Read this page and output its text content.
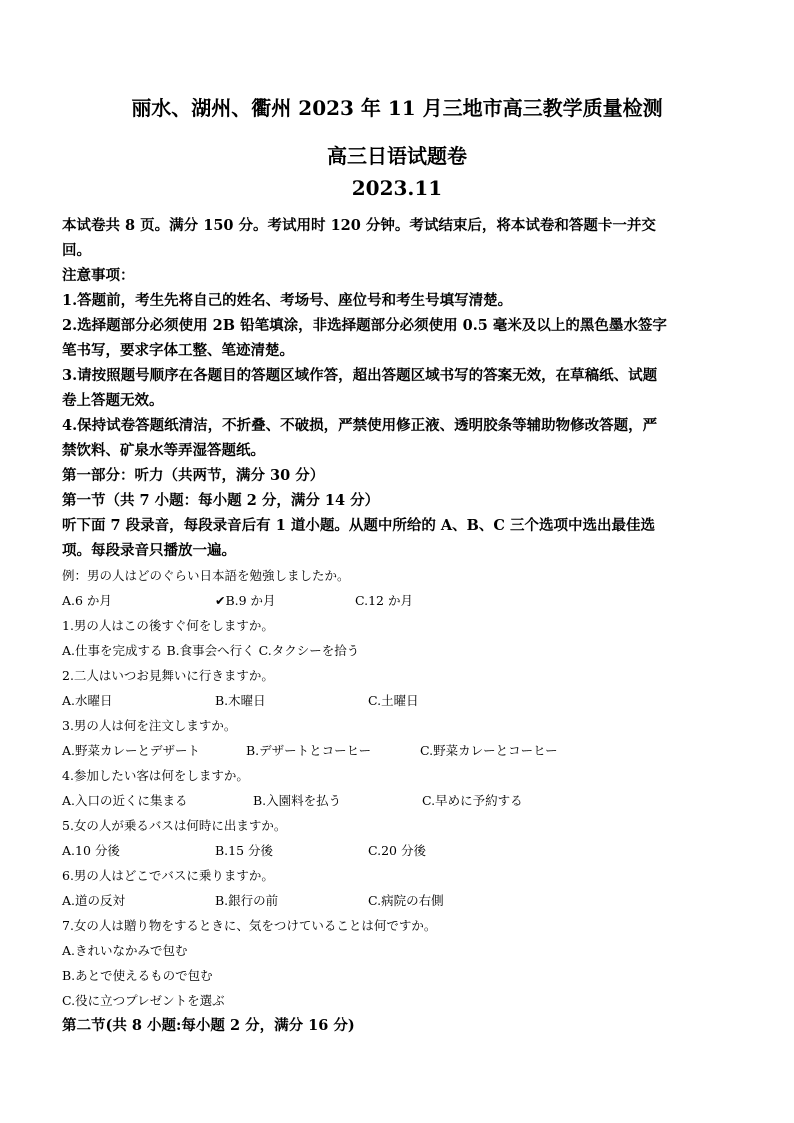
丽水、湖州、衢州 2023 年 11 月三地市高三教学质量检测
高三日语试题卷
2023.11
本试卷共 8 页。满分 150 分。考试用时 120 分钟。考试结束后，将本试卷和答题卡一并交
回。
注意事项：
1.答题前，考生先将自己的姓名、考场号、座位号和考生号填写清楚。
2.选择题部分必须使用 2B 铅笔填涂，非选择题部分必须使用 0.5 毫米及以上的黑色墨水签字
笔书写，要求字体工整、笔迹清楚。
3.请按照题号顺序在各题目的答题区域作答，超出答题区域书写的答案无效，在草稿纸、试题
卷上答题无效。
4.保持试卷答题纸清洁，不折叠、不破损，严禁使用修正液、透明胶条等辅助物修改答题，严
禁饮料、矿泉水等弄湿答题纸。
第一部分：听力（共两节，满分 30 分）
第一节（共 7 小题：每小题 2 分，满分 14 分）
听下面 7 段录音，每段录音后有 1 道小题。从题中所给的 A、B、C 三个选项中选出最佳选
项。每段录音只播放一遍。
例：男の人はどのぐらい日本語を勉強しましたか。
A.6 か月	✔B.9 か月	C.12 か月
1.男の人はこの後すぐ何をしますか。
A.仕事を完成する B.食事会へ行く C.タクシーを拾う
2.二人はいつお見舞いに行きますか。
A.水曜日	B.木曜日	C.土曜日
3.男の人は何を注文しますか。
A.野菜カレーとデザート	B.デザートとコーヒー	C.野菜カレーとコーヒー
4.参加したい客は何をしますか。
A.入口の近くに集まる	B.入園料を払う	C.早めに予約する
5.女の人が乗るバスは何時に出ますか。
A.10 分後	B.15 分後	C.20 分後
6.男の人はどこでバスに乗りますか。
A.道の反対	B.銀行の前	C.病院の右側
7.女の人は贈り物をするときに、気をつけていることは何ですか。
A.きれいなかみで包む
B.あとで使えるもので包む
C.役に立つプレゼントを選ぶ
第二节(共 8 小题:每小题 2 分，满分 16 分)
